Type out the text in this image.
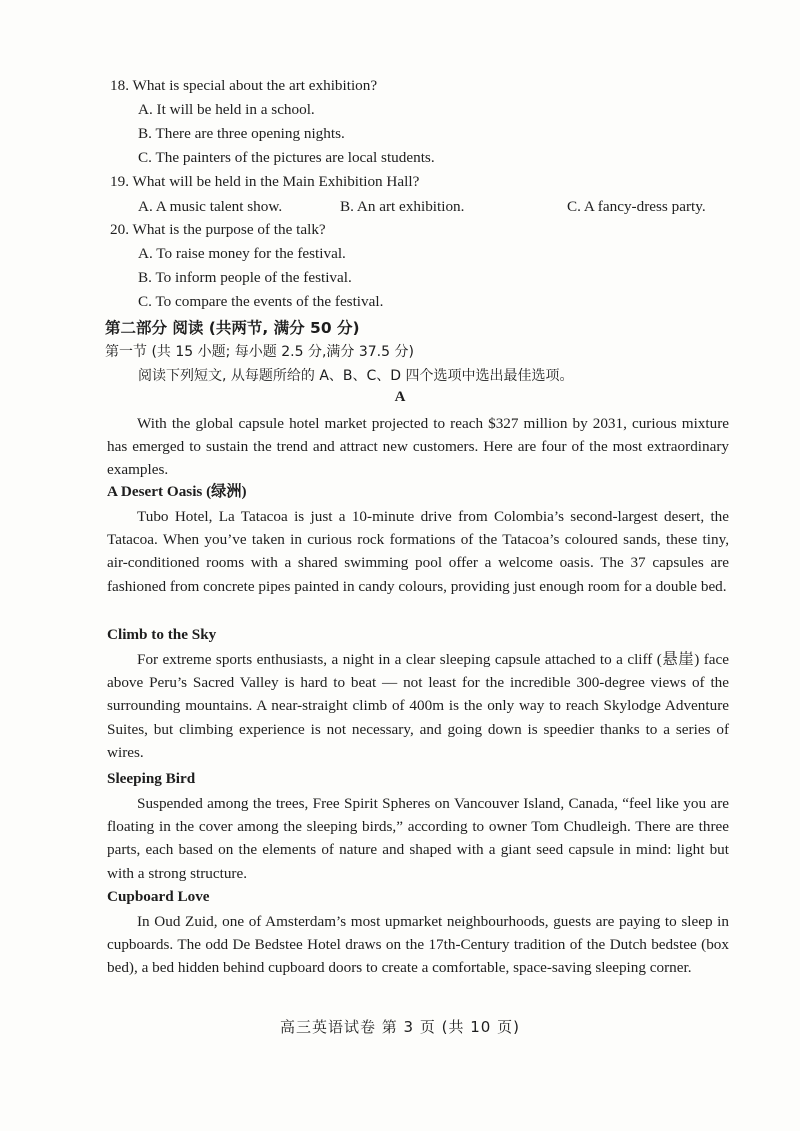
18. What is special about the art exhibition?
A. It will be held in a school.
B. There are three opening nights.
C. The painters of the pictures are local students.
19. What will be held in the Main Exhibition Hall?
A. A music talent show.	B. An art exhibition.	C. A fancy-dress party.
20. What is the purpose of the talk?
A. To raise money for the festival.
B. To inform people of the festival.
C. To compare the events of the festival.
第二部分 阅读 (共两节, 满分 50 分)
第一节 (共 15 小题; 每小题 2.5 分,满分 37.5 分)
阅读下列短文, 从每题所给的 A、B、C、D 四个选项中选出最佳选项。
A
With the global capsule hotel market projected to reach $327 million by 2031, curious mixture has emerged to sustain the trend and attract new customers. Here are four of the most extraordinary examples.
A Desert Oasis (绿洲)
Tubo Hotel, La Tatacoa is just a 10-minute drive from Colombia’s second-largest desert, the Tatacoa. When you’ve taken in curious rock formations of the Tatacoa’s coloured sands, these tiny, air-conditioned rooms with a shared swimming pool offer a welcome oasis. The 37 capsules are fashioned from concrete pipes painted in candy colours, providing just enough room for a double bed.
Climb to the Sky
For extreme sports enthusiasts, a night in a clear sleeping capsule attached to a cliff (悬崖) face above Peru’s Sacred Valley is hard to beat — not least for the incredible 300-degree views of the surrounding mountains. A near-straight climb of 400m is the only way to reach Skylodge Adventure Suites, but climbing experience is not necessary, and going down is speedier thanks to a series of wires.
Sleeping Bird
Suspended among the trees, Free Spirit Spheres on Vancouver Island, Canada, “feel like you are floating in the cover among the sleeping birds,” according to owner Tom Chudleigh. There are three parts, each based on the elements of nature and shaped with a giant seed capsule in mind: light but with a strong structure.
Cupboard Love
In Oud Zuid, one of Amsterdam’s most upmarket neighbourhoods, guests are paying to sleep in cupboards. The odd De Bedstee Hotel draws on the 17th-Century tradition of the Dutch bedstee (box bed), a bed hidden behind cupboard doors to create a comfortable, space-saving sleeping corner.
高三英语试卷 第 3 页 (共 10 页)
